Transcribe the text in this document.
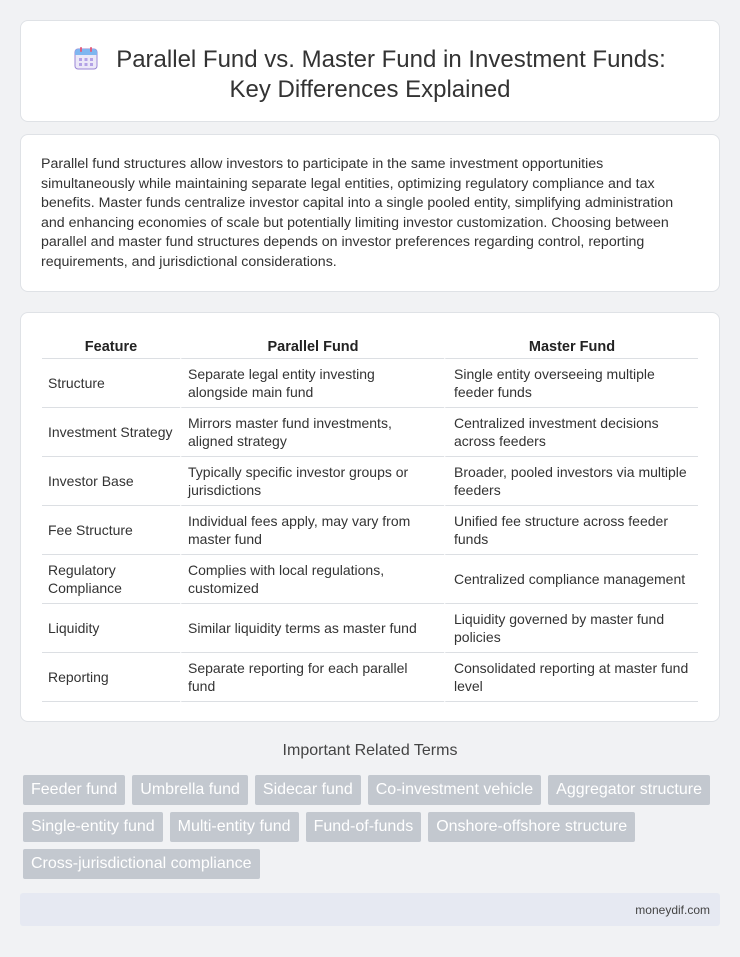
Parallel Fund vs. Master Fund in Investment Funds: Key Differences Explained

Parallel fund structures allow investors to participate in the same investment opportunities simultaneously while maintaining separate legal entities, optimizing regulatory compliance and tax benefits. Master funds centralize investor capital into a single pooled entity, simplifying administration and enhancing economies of scale but potentially limiting investor customization. Choosing between parallel and master fund structures depends on investor preferences regarding control, reporting requirements, and jurisdictional considerations.

Feature	Parallel Fund	Master Fund
Structure	Separate legal entity investing alongside main fund	Single entity overseeing multiple feeder funds
Investment Strategy	Mirrors master fund investments, aligned strategy	Centralized investment decisions across feeders
Investor Base	Typically specific investor groups or jurisdictions	Broader, pooled investors via multiple feeders
Fee Structure	Individual fees apply, may vary from master fund	Unified fee structure across feeder funds
Regulatory Compliance	Complies with local regulations, customized	Centralized compliance management
Liquidity	Similar liquidity terms as master fund	Liquidity governed by master fund policies
Reporting	Separate reporting for each parallel fund	Consolidated reporting at master fund level
Important Related Terms
Feeder fund Umbrella fund Sidecar fund Co-investment vehicle Aggregator structure
Single-entity fund Multi-entity fund Fund-of-funds Onshore-offshore structure
Cross-jurisdictional compliance
moneydif.com
